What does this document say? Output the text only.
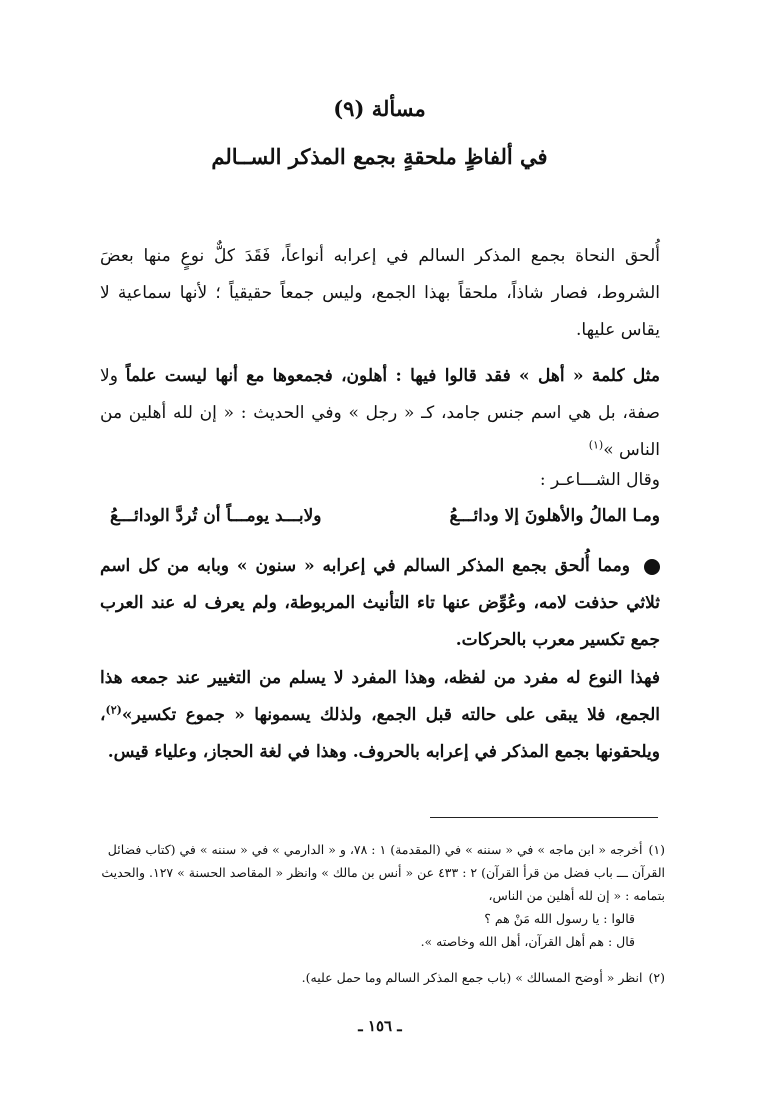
مسألة (٩)
في ألفاظٍ ملحقةٍ بجمع المذكر الســالم

أُلحق النحاة بجمع المذكر السالم في إعرابه أنواعاً، فَقَدَ كلٌّ نوعٍ منها بعضَ الشروط، فصار شاذاً، ملحقاً بهذا الجمع، وليس جمعاً حقيقياً ؛ لأنها سماعية لا يقاس عليها.

مثل كلمة « أهل » فقد قالوا فيها : أهلون، فجمعوها مع أنها ليست علماً ولا صفة، بل هي اسم جنس جامد، كـ « رجل » وفي الحديث : « إن لله أهلين من الناس »$^{(١)}$

وقال الشـــاعـر :

ومـا المالُ والأهلونَ إلا ودائـــعُ
ولابـــد يومـــاً أن تُردَّ الودائـــعُ

ومما أُلحق بجمع المذكر السالم في إعرابه « سنون » وبابه من كل اسم ثلاثي حذفت لامه، وعُوِّض عنها تاء التأنيث المربوطة، ولم يعرف له عند العرب جمع تكسير معرب بالحركات.

فهذا النوع له مفرد من لفظه، وهذا المفرد لا يسلم من التغيير عند جمعه هذا الجمع، فلا يبقى على حالته قبل الجمع، ولذلك يسمونها « جموع تكسير»$^{(٢)}$، ويلحقونها بجمع المذكر في إعرابه بالحروف. وهذا في لغة الحجاز، وعلياء قيس.

(١)أخرجه « ابن ماجه » في « سننه » في (المقدمة) ١ : ٧٨، و « الدارمي » في « سننه » في (كتاب فضائل القرآن ـــ باب فضل من قرأ القرآن) ٢ : ٤٣٣ عن « أنس بن مالك » وانظر « المقاصد الحسنة » ١٢٧. والحديث بتمامه : « إن لله أهلين من الناس،
قالوا : يا رسول الله مَنْ هم ؟
قال : هم أهل القرآن، أهل الله وخاصته ».

(٢)انظر « أوضح المسالك » (باب جمع المذكر السالم وما حمل عليه).

ـ ١٥٦ ـ
